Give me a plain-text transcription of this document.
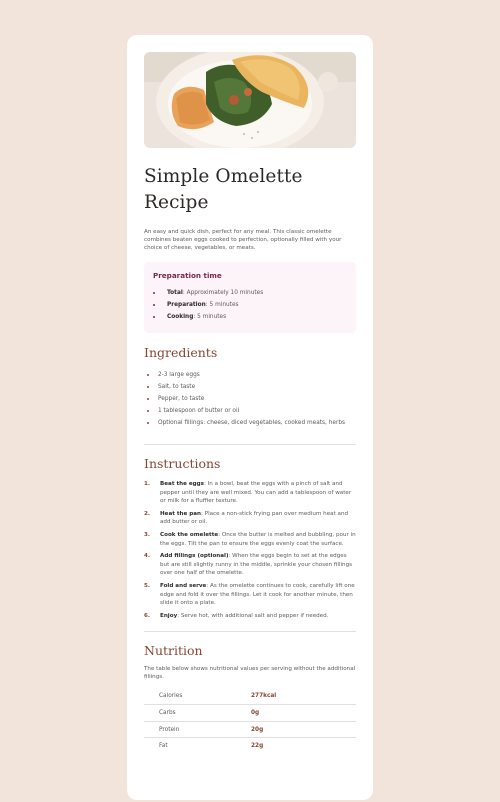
Simple Omelette Recipe

An easy and quick dish, perfect for any meal. This classic omelette combines beaten eggs cooked to perfection, optionally filled with your choice of cheese, vegetables, or meats.

Preparation time
Total: Approximately 10 minutes
Preparation: 5 minutes
Cooking: 5 minutes
Ingredients
2-3 large eggs
Salt, to taste
Pepper, to taste
1 tablespoon of butter or oil
Optional fillings: cheese, diced vegetables, cooked meats, herbs
Instructions
1. Beat the eggs: In a bowl, beat the eggs with a pinch of salt and pepper until they are well mixed. You can add a tablespoon of water or milk for a fluffier texture.
2. Heat the pan: Place a non-stick frying pan over medium heat and add butter or oil.
3. Cook the omelette: Once the butter is melted and bubbling, pour in the eggs. Tilt the pan to ensure the eggs evenly coat the surface.
4. Add fillings (optional): When the eggs begin to set at the edges but are still slightly runny in the middle, sprinkle your chosen fillings over one half of the omelette.
5. Fold and serve: As the omelette continues to cook, carefully lift one edge and fold it over the fillings. Let it cook for another minute, then slide it onto a plate.
6. Enjoy: Serve hot, with additional salt and pepper if needed.
Nutrition

The table below shows nutritional values per serving without the additional fillings.

Calories	277kcal
Carbs	0g
Protein	20g
Fat	22g
